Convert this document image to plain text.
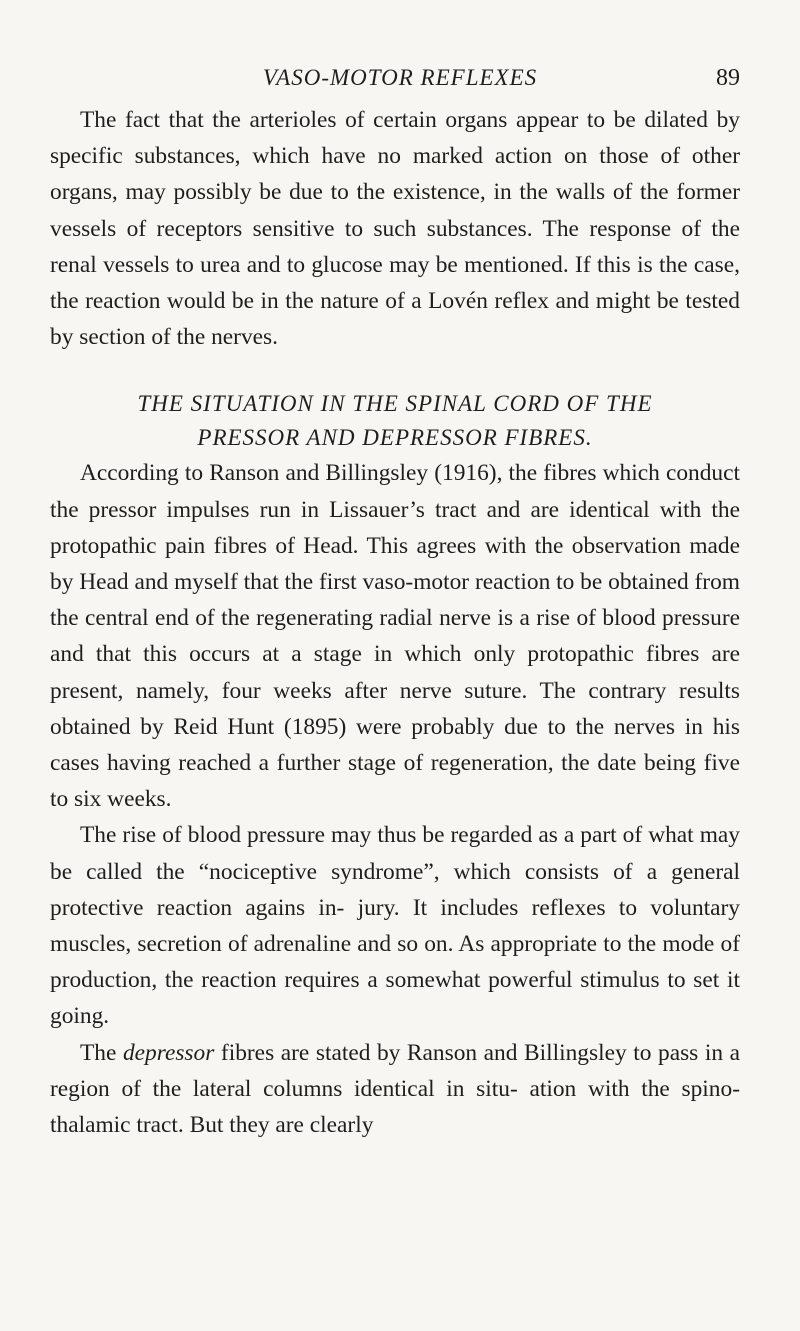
VASO-MOTOR REFLEXES	89

The fact that the arterioles of certain organs appear to be dilated by specific substances, which have no marked action on those of other organs, may possibly be due to the existence, in the walls of the former vessels of receptors sensitive to such substances. The response of the renal vessels to urea and to glucose may be mentioned. If this is the case, the reaction would be in the nature of a Lovén reflex and might be tested by section of the nerves.

THE SITUATION IN THE SPINAL CORD OF THE
PRESSOR AND DEPRESSOR FIBRES.

According to Ranson and Billingsley (1916), the fibres which conduct the pressor impulses run in Lissauer’s tract and are identical with the protopathic pain fibres of Head. This agrees with the observation made by Head and myself that the first vaso-motor reaction to be obtained from the central end of the regenerating radial nerve is a rise of blood pressure and that this occurs at a stage in which only protopathic fibres are present, namely, four weeks after nerve suture. The contrary results obtained by Reid Hunt (1895) were probably due to the nerves in his cases having reached a further stage of regeneration, the date being five to six weeks.

The rise of blood pressure may thus be regarded as a part of what may be called the “nociceptive syndrome”, which consists of a general protective reaction agains in- jury. It includes reflexes to voluntary muscles, secretion of adrenaline and so on. As appropriate to the mode of production, the reaction requires a somewhat powerful stimulus to set it going.

The depressor fibres are stated by Ranson and Billingsley to pass in a region of the lateral columns identical in situ- ation with the spino-thalamic tract. But they are clearly
